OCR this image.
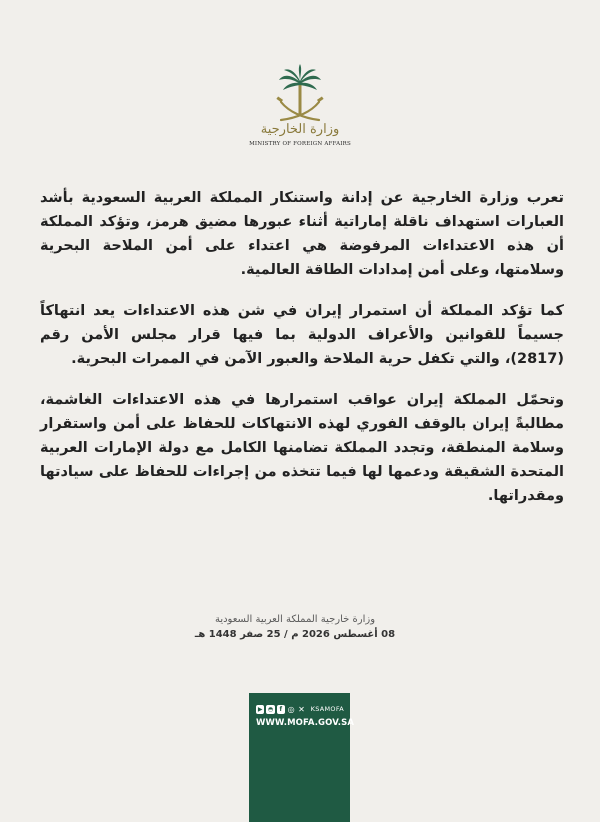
وزارة الخارجية
MINISTRY OF FOREIGN AFFAIRS

تعرب وزارة الخارجية عن إدانة واستنكار المملكة العربية السعودية بأشد العبارات استهداف ناقلة إماراتية أثناء عبورها مضيق هرمز، وتؤكد المملكة أن هذه الاعتداءات المرفوضة هي اعتداء على أمن الملاحة البحرية وسلامتها، وعلى أمن إمدادات الطاقة العالمية.

كما تؤكد المملكة أن استمرار إيران في شن هذه الاعتداءات يعد انتهاكاً جسيماً للقوانين والأعراف الدولية بما فيها قرار مجلس الأمن رقم (2817)، والتي تكفل حرية الملاحة والعبور الآمن في الممرات البحرية.

وتحمّل المملكة إيران عواقب استمرارها في هذه الاعتداءات الغاشمة، مطالبةً إيران بالوقف الفوري لهذه الانتهاكات للحفاظ على أمن واستقرار وسلامة المنطقة، وتجدد المملكة تضامنها الكامل مع دولة الإمارات العربية المتحدة الشقيقة ودعمها لها فيما تتخذه من إجراءات للحفاظ على سيادتها ومقدراتها.

وزارة خارجية المملكة العربية السعودية
08 أغسطس 2026 م / 25 صفر 1448 هـ
▶ ◓	f ◎ ✕ KSAMOFA
WWW.MOFA.GOV.SA
